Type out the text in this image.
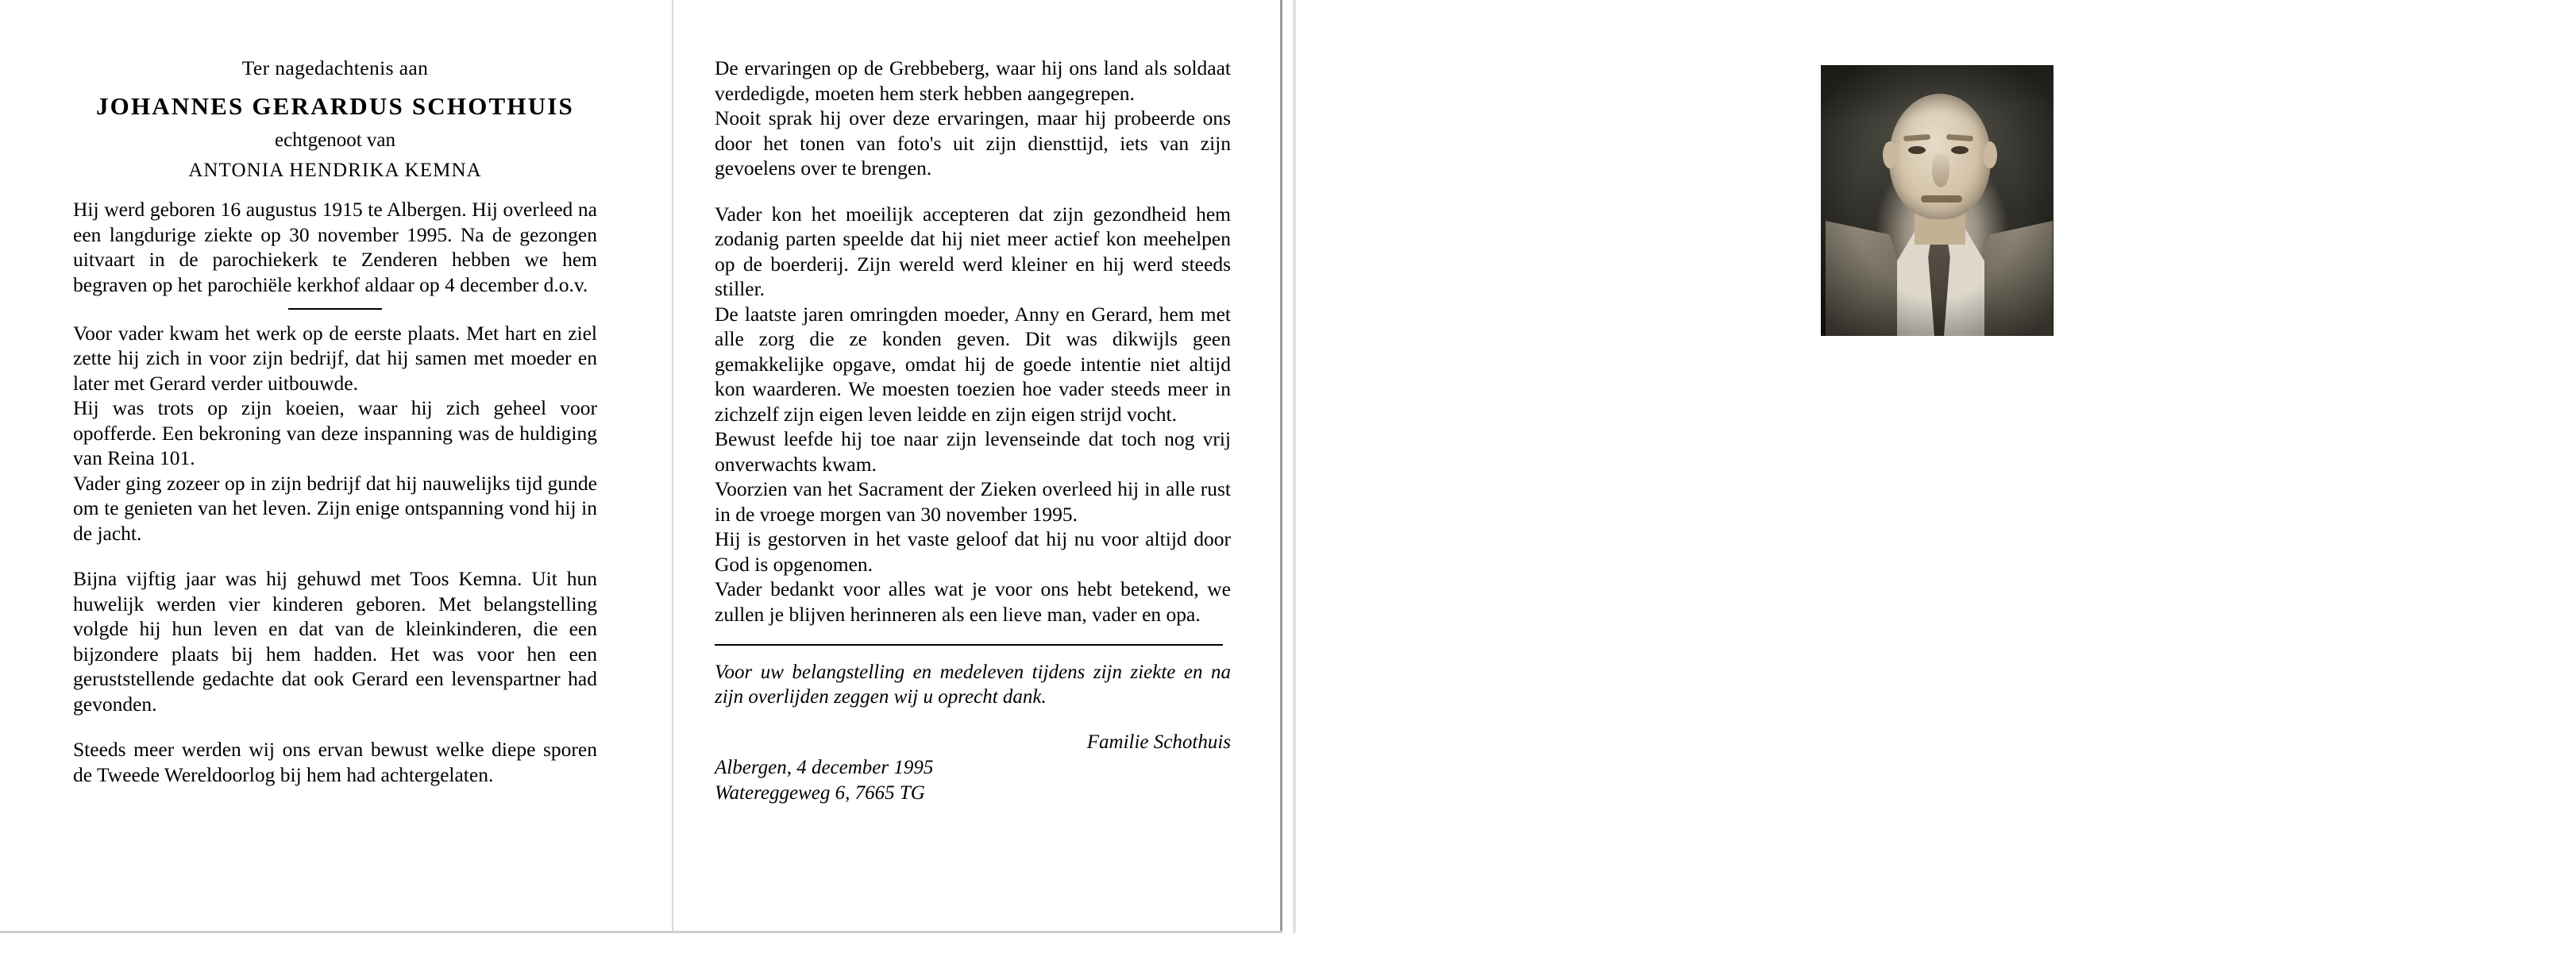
Ter nagedachtenis aan
JOHANNES GERARDUS SCHOTHUIS
echtgenoot van
ANTONIA HENDRIKA KEMNA

Hij werd geboren 16 augustus 1915 te Albergen. Hij overleed na een langdurige ziekte op 30 november 1995. Na de gezongen uitvaart in de parochiekerk te Zenderen hebben we hem begraven op het parochiële kerkhof aldaar op 4 december d.o.v.

Voor vader kwam het werk op de eerste plaats. Met hart en ziel zette hij zich in voor zijn bedrijf, dat hij samen met moeder en later met Gerard verder uitbouwde.

Hij was trots op zijn koeien, waar hij zich geheel voor opofferde. Een bekroning van deze inspanning was de huldiging van Reina 101.

Vader ging zozeer op in zijn bedrijf dat hij nauwelijks tijd gunde om te genieten van het leven. Zijn enige ontspanning vond hij in de jacht.

Bijna vijftig jaar was hij gehuwd met Toos Kemna. Uit hun huwelijk werden vier kinderen geboren. Met belangstelling volgde hij hun leven en dat van de kleinkinderen, die een bijzondere plaats bij hem hadden. Het was voor hen een geruststellende gedachte dat ook Gerard een levenspartner had gevonden.

Steeds meer werden wij ons ervan bewust welke diepe sporen de Tweede Wereldoorlog bij hem had achtergelaten.

De ervaringen op de Grebbeberg, waar hij ons land als soldaat verdedigde, moeten hem sterk hebben aangegrepen.

Nooit sprak hij over deze ervaringen, maar hij probeerde ons door het tonen van foto's uit zijn diensttijd, iets van zijn gevoelens over te brengen.

Vader kon het moeilijk accepteren dat zijn gezondheid hem zodanig parten speelde dat hij niet meer actief kon meehelpen op de boerderij. Zijn wereld werd kleiner en hij werd steeds stiller.

De laatste jaren omringden moeder, Anny en Gerard, hem met alle zorg die ze konden geven. Dit was dikwijls geen gemakkelijke opgave, omdat hij de goede intentie niet altijd kon waarderen. We moesten toezien hoe vader steeds meer in zichzelf zijn eigen leven leidde en zijn eigen strijd vocht.

Bewust leefde hij toe naar zijn levenseinde dat toch nog vrij onverwachts kwam.

Voorzien van het Sacrament der Zieken overleed hij in alle rust in de vroege morgen van 30 november 1995.

Hij is gestorven in het vaste geloof dat hij nu voor altijd door God is opgenomen.

Vader bedankt voor alles wat je voor ons hebt betekend, we zullen je blijven herinneren als een lieve man, vader en opa.

Voor uw belangstelling en medeleven tijdens zijn ziekte en na zijn overlijden zeggen wij u oprecht dank.
Familie Schothuis
Albergen, 4 december 1995
Watereggeweg 6, 7665 TG
